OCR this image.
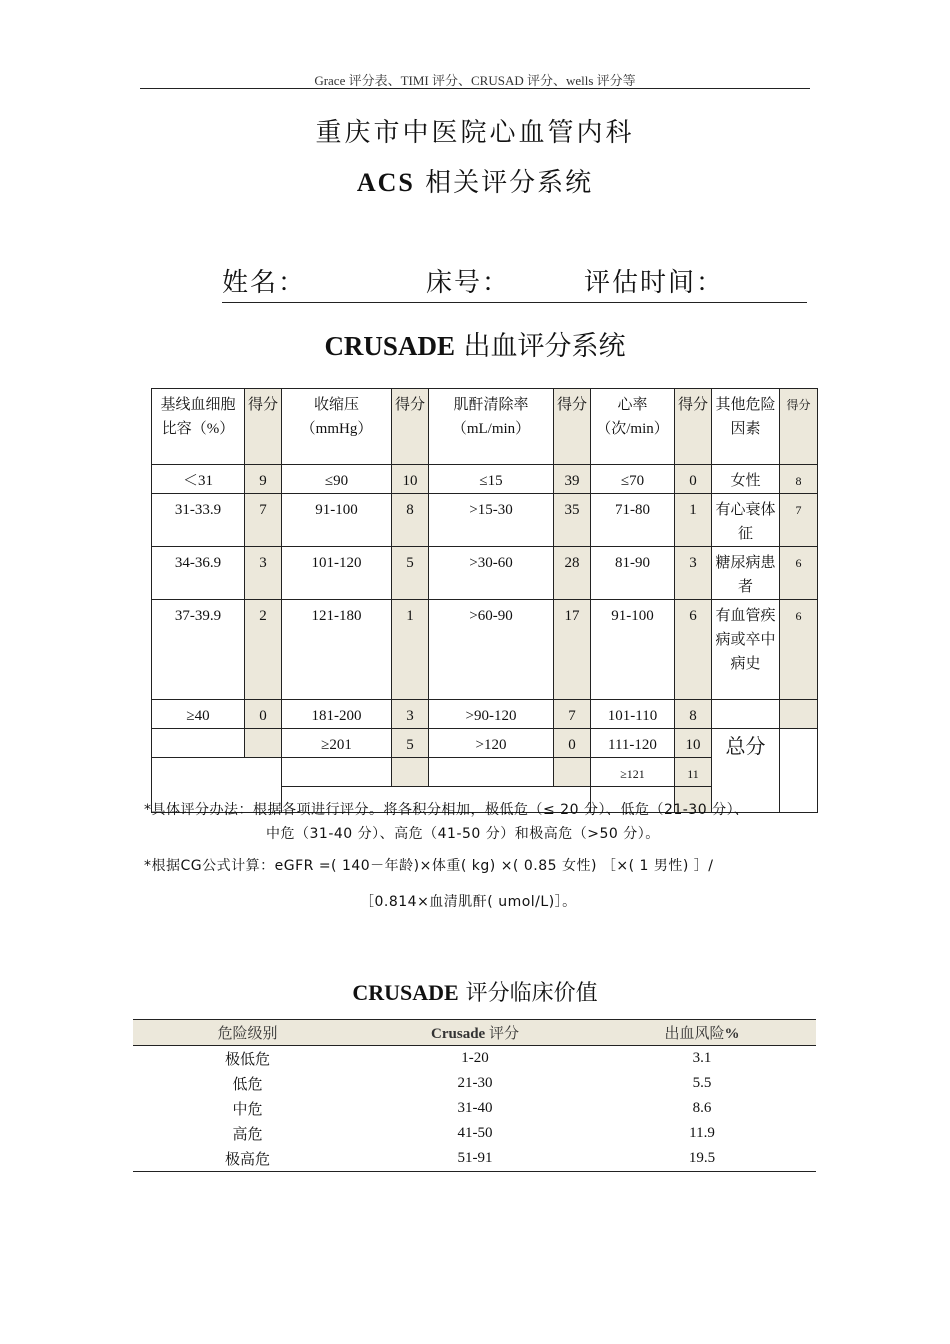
Grace 评分表、TIMI 评分、CRUSAD 评分、wells 评分等
重庆市中医院心血管内科
ACS 相关评分系统
姓名：	床号：	评估时间：
CRUSADE 出血评分系统
基线血细胞比容（%）	得分	收缩压（mmHg）	得分	肌酐清除率（mL/min）	得分	心率（次/min）	得分	其他危险因素	得分
＜31	9	≤90	10	≤15	39	≤70	0	女性	8
31-33.9	7	91-100	8	>15-30	35	71-80	1	有心衰体征	7
34-36.9	3	101-120	5	>30-60	28	81-90	3	糖尿病患者	6
37-39.9	2	121-180	1	>60-90	17	91-100	6	有血管疾病或卒中病史	6
≥40	0	181-200	3	>90-120	7	101-110	8		
		≥201	5	>120	0	111-120	10	总分	
						≥121	11		

*具体评分办法：根据各项进行评分。将各积分相加，极低危（≤ 20 分）、低危（21-30 分）、
中危（31-40 分）、高危（41-50 分）和极高危（>50 分）。
*根据CG公式计算：eGFR =( 140－年龄)×体重( kg) ×( 0.85 女性) ［×( 1 男性) ］/
［0.814×血清肌酐( umol/L)］。
CRUSADE 评分临床价值
危险级别	Crusade 评分	出血风险%
极低危	1-20	3.1
低危	21-30	5.5
中危	31-40	8.6
高危	41-50	11.9
极高危	51-91	19.5
